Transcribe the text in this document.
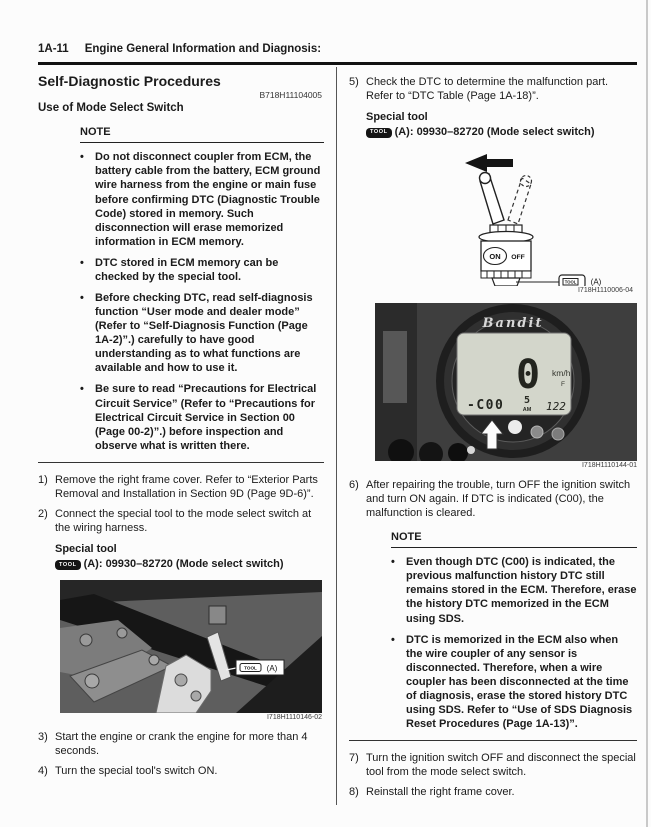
1A-11 Engine General Information and Diagnosis:
Self-Diagnostic Procedures
B718H11104005
Use of Mode Select Switch
NOTE
• Do not disconnect coupler from ECM, the battery cable from the battery, ECM ground wire harness from the engine or main fuse before confirming DTC (Diagnostic Trouble Code) stored in memory. Such disconnection will erase memorized information in ECM memory.
• DTC stored in ECM memory can be checked by the special tool.
• Before checking DTC, read self-diagnosis function “User mode and dealer mode” (Refer to “Self-Diagnosis Function (Page 1A-2)”.) carefully to have good understanding as to what functions are available and how to use it.
• Be sure to read “Precautions for Electrical Circuit Service” (Refer to “Precautions for Electrical Circuit Service in Section 00 (Page 00-2)”.) before inspection and observe what is written there.
1) Remove the right frame cover. Refer to “Exterior Parts Removal and Installation in Section 9D (Page 9D-6)”.
2) Connect the special tool to the mode select switch at the wiring harness.
Special tool
TOOL (A): 09930–82720 (Mode select switch)
TOOL (A)
I718H1110146-02
3) Start the engine or crank the engine for more than 4 seconds.
4) Turn the special tool's switch ON.
5) Check the DTC to determine the malfunction part. Refer to “DTC Table (Page 1A-18)”.
Special tool
TOOL (A): 09930–82720 (Mode select switch)
ON OFF
TOOL (A)
I718H1110006-04
Bandit
0 km/h
F
5
AM
-C00	122
I718H1110144-01
6) After repairing the trouble, turn OFF the ignition switch and turn ON again. If DTC is indicated (C00), the malfunction is cleared.
NOTE
• Even though DTC (C00) is indicated, the previous malfunction history DTC still remains stored in the ECM. Therefore, erase the history DTC memorized in the ECM using SDS.
• DTC is memorized in the ECM also when the wire coupler of any sensor is disconnected. Therefore, when a wire coupler has been disconnected at the time of diagnosis, erase the stored history DTC using SDS. Refer to “Use of SDS Diagnosis Reset Procedures (Page 1A-13)”.
7) Turn the ignition switch OFF and disconnect the special tool from the mode select switch.
8) Reinstall the right frame cover.
